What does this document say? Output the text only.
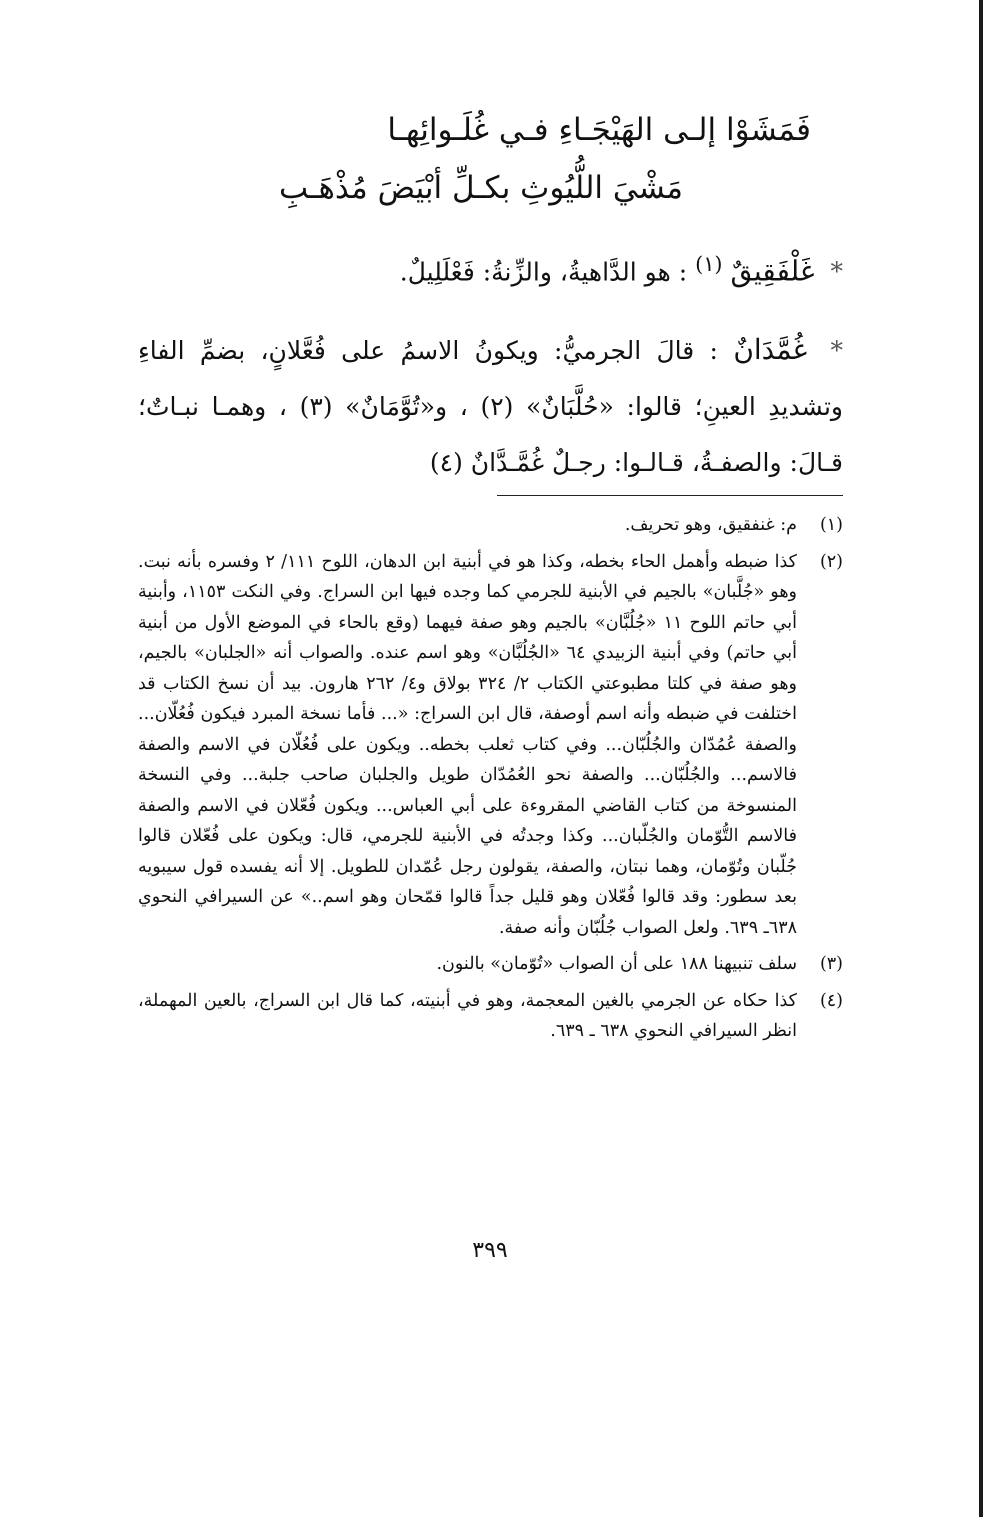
فَمَشَوْا إلـى الهَيْجَـاءِ فـي غُلَـوائِهـا
مَشْيَ اللُّيُوثِ بكـلِّ أبْيَضَ مُذْهَـبِ
* غَلْفَقِيقٌ $^{(١)}$ : هو الدَّاهيةُ، والزِّنةُ: فَعْلَلِيلٌ.
* غُمَّدَانٌ : قالَ الجرميُّ: ويكونُ الاسمُ على فُعَّلانٍ، بضمِّ الفاءِ وتشديدِ العينِ؛ قالوا: «حُلَّبَانٌ» (٢) ، و«تُوَّمَانٌ» (٣) ، وهمـا نبـاتٌ؛ قـالَ: والصفـةُ، قـالـوا: رجـلٌ غُمَّـدَّانٌ (٤)
(١)
م: غنفقيق، وهو تحريف.
(٢)
كذا ضبطه وأهمل الحاء بخطه، وكذا هو في أبنية ابن الدهان، اللوح ١١١/ ٢ وفسره بأنه نبت. وهو «جُلَّبان» بالجيم في الأبنية للجرمي كما وجده فيها ابن السراج. وفي النكت ١١٥٣، وأبنية أبي حاتم اللوح ١١ «جُلُبَّان» بالجيم وهو صفة فيهما (وقع بالحاء في الموضع الأول من أبنية أبي حاتم) وفي أبنية الزبيدي ٦٤ «الجُلُبَّان» وهو اسم عنده. والصواب أنه «الجلبان» بالجيم، وهو صفة في كلتا مطبوعتي الكتاب ٢/ ٣٢٤ بولاق و٤/ ٢٦٢ هارون. بيد أن نسخ الكتاب قد اختلفت في ضبطه وأنه اسم أوصفة، قال ابن السراج: «... فأما نسخة المبرد فيكون فُعُلّان... والصفة عُمُدّان والجُلُبّان... وفي كتاب ثعلب بخطه.. ويكون على فُعُلّان في الاسم والصفة فالاسم... والجُلُبّان... والصفة نحو العُمُدّان طويل والجلبان صاحب جلبة... وفي النسخة المنسوخة من كتاب القاضي المقروءة على أبي العباس... ويكون فُعّلان في الاسم والصفة فالاسم التُّوّمان والجُلّبان... وكذا وجدتُه في الأبنية للجرمي، قال: ويكون على فُعّلان قالوا جُلّبان وتُوّمان، وهما نبتان، والصفة، يقولون رجل عُمّدان للطويل. إلا أنه يفسده قول سيبويه بعد سطور: وقد قالوا فُعّلان وهو قليل جداً قالوا قمّحان وهو اسم..» عن السيرافي النحوي ٦٣٨ـ ٦٣٩. ولعل الصواب جُلُبّان وأنه صفة.
(٣)
سلف تنبيهنا ١٨٨ على أن الصواب «تُوّمان» بالنون.
(٤)
كذا حكاه عن الجرمي بالغين المعجمة، وهو في أبنيته، كما قال ابن السراج، بالعين المهملة، انظر السيرافي النحوي ٦٣٨ ـ ٦٣٩.
٣٩٩
